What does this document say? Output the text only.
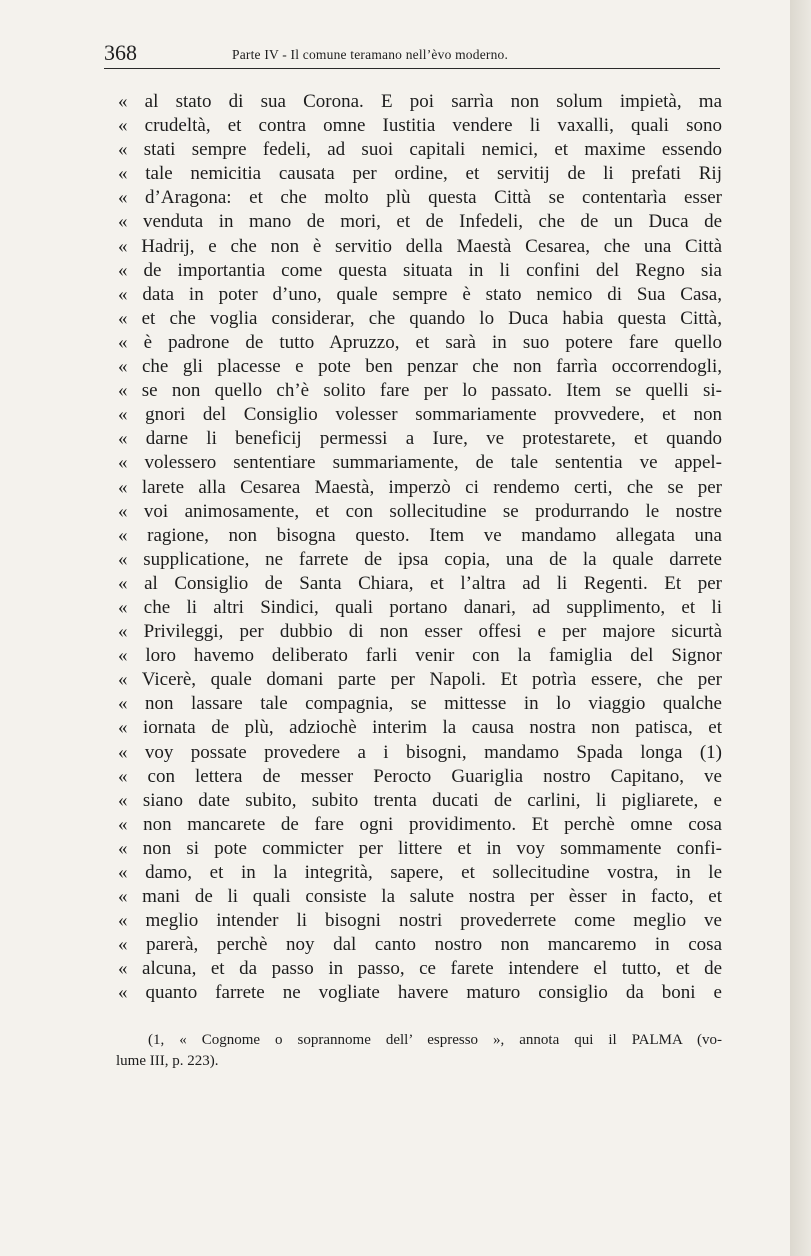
368	Parte IV - Il comune teramano nell’èvo moderno.
« al stato di sua Corona. E poi sarrìa non solum impietà, ma
« crudeltà, et contra omne Iustitia vendere li vaxalli, quali sono
« stati sempre fedeli, ad suoi capitali nemici, et maxime essendo
« tale nemicitia causata per ordine, et servitij de li prefati Rij
« d’Aragona: et che molto plù questa Città se contentarìa esser
« venduta in mano de mori, et de Infedeli, che de un Duca de
« Hadrij, e che non è servitio della Maestà Cesarea, che una Città
« de importantia come questa situata in li confini del Regno sia
« data in poter d’uno, quale sempre è stato nemico di Sua Casa,
« et che voglia considerar, che quando lo Duca habia questa Città,
« è padrone de tutto Apruzzo, et sarà in suo potere fare quello
« che gli placesse e pote ben penzar che non farrìa occorrendogli,
« se non quello ch’è solito fare per lo passato. Item se quelli si-
« gnori del Consiglio volesser sommariamente provvedere, et non
« darne li beneficij permessi a Iure, ve protestarete, et quando
« volessero sententiare summariamente, de tale sententia ve appel-
« larete alla Cesarea Maestà, imperzò ci rendemo certi, che se per
« voi animosamente, et con sollecitudine se produrrando le nostre
« ragione, non bisogna questo. Item ve mandamo allegata una
« supplicatione, ne farrete de ipsa copia, una de la quale darrete
« al Consiglio de Santa Chiara, et l’altra ad li Regenti. Et per
« che li altri Sindici, quali portano danari, ad supplimento, et li
« Privileggi, per dubbio di non esser offesi e per majore sicurtà
« loro havemo deliberato farli venir con la famiglia del Signor
« Vicerè, quale domani parte per Napoli. Et potrìa essere, che per
« non lassare tale compagnia, se mittesse in lo viaggio qualche
« iornata de plù, adziochè interim la causa nostra non patisca, et
« voy possate provedere a i bisogni, mandamo Spada longa (1)
« con lettera de messer Perocto Guariglia nostro Capitano, ve
« siano date subito, subito trenta ducati de carlini, li pigliarete, e
« non mancarete de fare ogni providimento. Et perchè omne cosa
« non si pote commicter per littere et in voy sommamente confi-
« damo, et in la integrità, sapere, et sollecitudine vostra, in le
« mani de li quali consiste la salute nostra per èsser in facto, et
« meglio intender li bisogni nostri provederrete come meglio ve
« parerà, perchè noy dal canto nostro non mancaremo in cosa
« alcuna, et da passo in passo, ce farete intendere el tutto, et de
« quanto farrete ne vogliate havere maturo consiglio da boni e
(1, « Cognome o soprannome dell’ espresso », annota qui il PALMA (vo-
lume III, p. 223).
